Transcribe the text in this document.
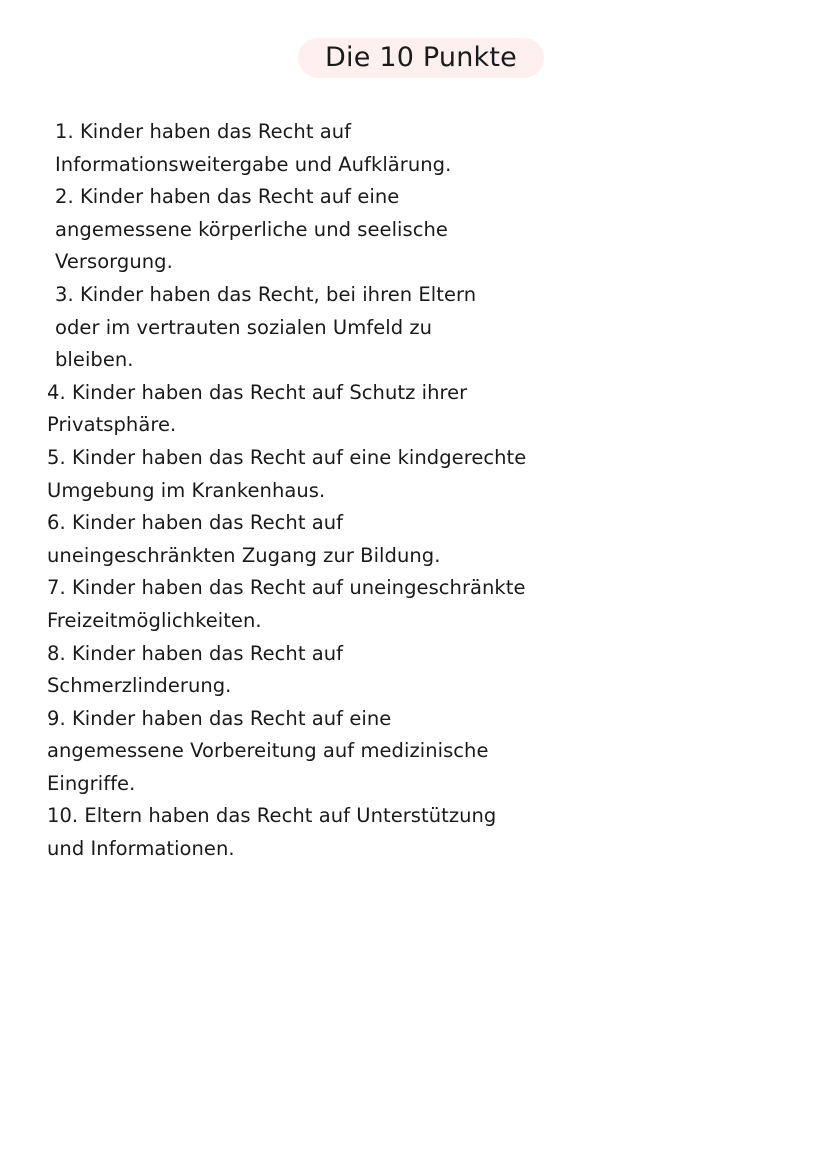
Die 10 Punkte
1. Kinder haben das Recht auf
Informationsweitergabe und Aufklärung.
2. Kinder haben das Recht auf eine
angemessene körperliche und seelische
Versorgung.
3. Kinder haben das Recht, bei ihren Eltern
oder im vertrauten sozialen Umfeld zu
bleiben.
4. Kinder haben das Recht auf Schutz ihrer
Privatsphäre.
5. Kinder haben das Recht auf eine kindgerechte
Umgebung im Krankenhaus.
6. Kinder haben das Recht auf
uneingeschränkten Zugang zur Bildung.
7. Kinder haben das Recht auf uneingeschränkte
Freizeitmöglichkeiten.
8. Kinder haben das Recht auf
Schmerzlinderung.
9. Kinder haben das Recht auf eine
angemessene Vorbereitung auf medizinische
Eingriffe.
10. Eltern haben das Recht auf Unterstützung
und Informationen.
